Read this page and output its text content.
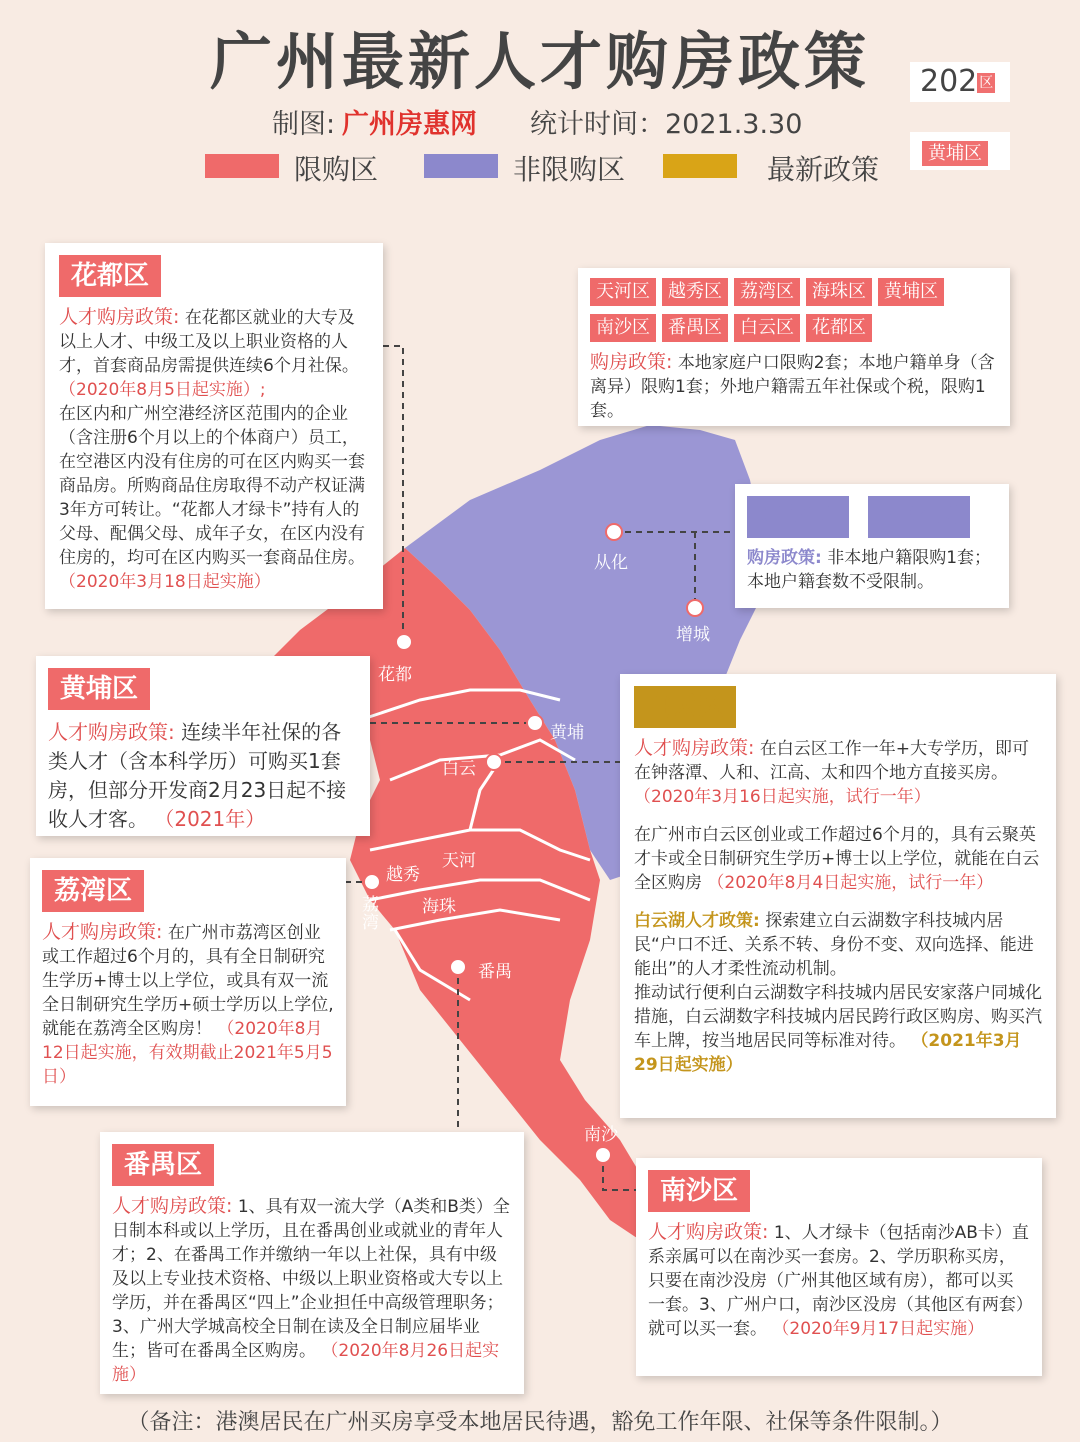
从化
增城
花都
黄埔
白云
天河
越秀
海珠
荔湾
番禺
南沙
广州最新人才购房政策
制图: 广州房惠网 统计时间：2021.3.30
限购区	非限购区	最新政策
202 区
黄埔区
花都区

人才购房政策: 在花都区就业的大专及以上人才、中级工及以上职业资格的人才，首套商品房需提供连续6个月社保。 （2020年8月5日起实施）;

在区内和广州空港经济区范围内的企业（含注册6个月以上的个体商户）员工，在空港区内没有住房的可在区内购买一套商品房。所购商品住房取得不动产权证满3年方可转让。“花都人才绿卡”持有人的父母、配偶父母、成年子女，在区内没有住房的，均可在区内购买一套商品住房。 （2020年3月18日起实施）

天河区 越秀区 荔湾区 海珠区 黄埔区 南沙区 番禺区 白云区 花都区

购房政策: 本地家庭户口限购2套；本地户籍单身（含离异）限购1套；外地户籍需五年社保或个税，限购1套。

增城区 从化区

购房政策: 非本地户籍限购1套；本地户籍套数不受限制。

黄埔区

人才购房政策: 连续半年社保的各类人才（含本科学历）可购买1套房，但部分开发商2月23日起不接收人才客。 （2021年）

白云区

人才购房政策: 在白云区工作一年+大专学历，即可在钟落潭、人和、江高、太和四个地方直接买房。 （2020年3月16日起实施，试行一年）

在广州市白云区创业或工作超过6个月的，具有云聚英才卡或全日制研究生学历+博士以上学位，就能在白云全区购房 （2020年8月4日起实施，试行一年）

白云湖人才政策: 探索建立白云湖数字科技城内居民“户口不迁、关系不转、身份不变、双向选择、能进能出”的人才柔性流动机制。

推动试行便利白云湖数字科技城内居民安家落户同城化措施，白云湖数字科技城内居民跨行政区购房、购买汽车上牌，按当地居民同等标准对待。 （2021年3月29日起实施）

荔湾区

人才购房政策: 在广州市荔湾区创业或工作超过6个月的，具有全日制研究生学历+博士以上学位，或具有双一流全日制研究生学历+硕士学历以上学位,就能在荔湾全区购房！ （2020年8月12日起实施，有效期截止2021年5月5日）

番禺区

人才购房政策: 1、具有双一流大学（A类和B类）全日制本科或以上学历，且在番禺创业或就业的青年人才；2、在番禺工作并缴纳一年以上社保，具有中级及以上专业技术资格、中级以上职业资格或大专以上学历，并在番禺区“四上”企业担任中高级管理职务；3、广州大学城高校全日制在读及全日制应届毕业生；皆可在番禺全区购房。 （2020年8月26日起实施）

南沙区

人才购房政策: 1、人才绿卡（包括南沙AB卡）直系亲属可以在南沙买一套房。2、学历职称买房，只要在南沙没房（广州其他区域有房），都可以买一套。3、广州户口，南沙区没房（其他区有两套）就可以买一套。 （2020年9月17日起实施）

（备注：港澳居民在广州买房享受本地居民待遇，豁免工作年限、社保等条件限制。）
